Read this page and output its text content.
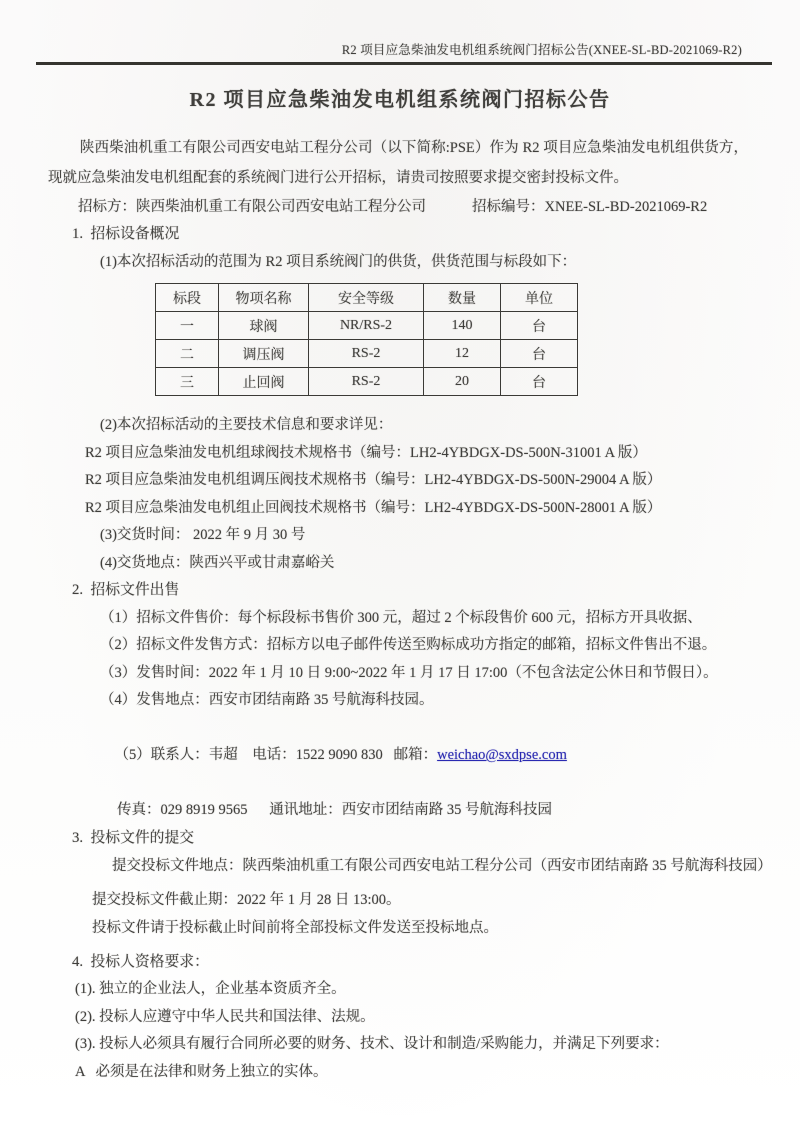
R2 项目应急柴油发电机组系统阀门招标公告(XNEE-SL-BD-2021069-R2)
R2 项目应急柴油发电机组系统阀门招标公告

陕西柴油机重工有限公司西安电站工程分公司（以下简称:PSE）作为 R2 项目应急柴油发电机组供货方，现就应急柴油发电机组配套的系统阀门进行公开招标，请贵司按照要求提交密封投标文件。

招标方：陕西柴油机重工有限公司西安电站工程分公司	招标编号：XNEE-SL-BD-2021069-R2
1.  招标设备概况
(1)本次招标活动的范围为 R2 项目系统阀门的供货，供货范围与标段如下：
标段	物项名称	安全等级	数量	单位
一	球阀	NR/RS-2	140	台
二	调压阀	RS-2	12	台
三	止回阀	RS-2	20	台
(2)本次招标活动的主要技术信息和要求详见：
R2 项目应急柴油发电机组球阀技术规格书（编号：LH2-4YBDGX-DS-500N-31001 A 版）
R2 项目应急柴油发电机组调压阀技术规格书（编号：LH2-4YBDGX-DS-500N-29004 A 版）
R2 项目应急柴油发电机组止回阀技术规格书（编号：LH2-4YBDGX-DS-500N-28001 A 版）
(3)交货时间： 2022 年 9 月 30 号
(4)交货地点：陕西兴平或甘肃嘉峪关
2.  招标文件出售
（1）招标文件售价：每个标段标书售价 300 元，超过 2 个标段售价 600 元，招标方开具收据、
（2）招标文件发售方式：招标方以电子邮件传送至购标成功方指定的邮箱，招标文件售出不退。
（3）发售时间：2022 年 1 月 10 日 9:00~2022 年 1 月 17 日 17:00（不包含法定公休日和节假日）。
（4）发售地点：西安市团结南路 35 号航海科技园。

（5）联系人：韦超    电话：1522 9090 830   邮箱：weichao@sxdpse.com

传真：029 8919 9565      通讯地址：西安市团结南路 35 号航海科技园
3.  投标文件的提交

提交投标文件地点：陕西柴油机重工有限公司西安电站工程分公司（西安市团结南路 35 号航海科技园）

提交投标文件截止期：2022 年 1 月 28 日 13:00。
投标文件请于投标截止时间前将全部投标文件发送至投标地点。
4.  投标人资格要求：
(1). 独立的企业法人，企业基本资质齐全。
(2). 投标人应遵守中华人民共和国法律、法规。
(3). 投标人必须具有履行合同所必要的财务、技术、设计和制造/采购能力，并满足下列要求：
A   必须是在法律和财务上独立的实体。
